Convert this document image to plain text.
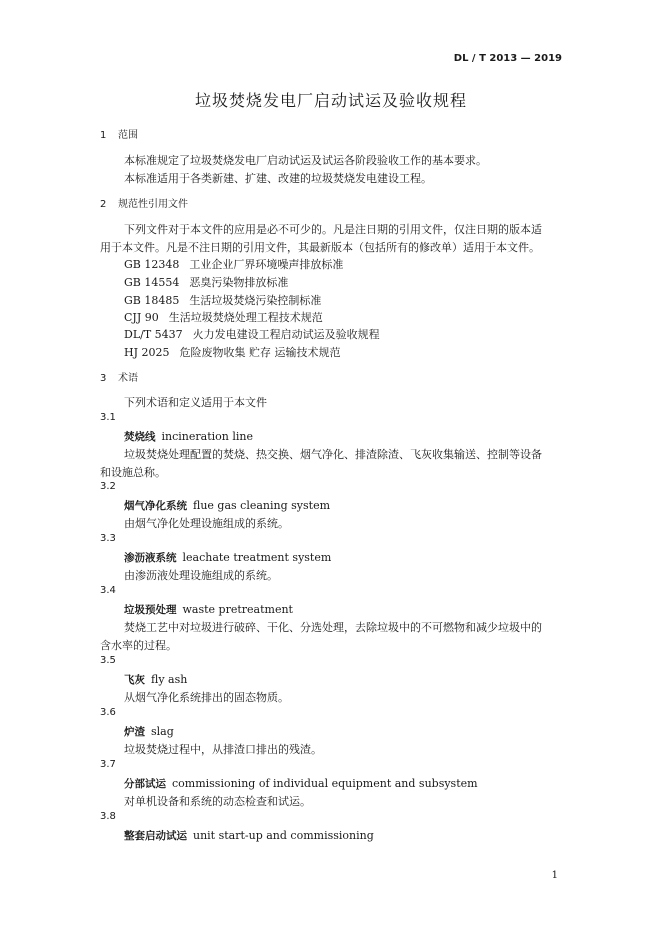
DL / T 2013 — 2019
垃圾焚烧发电厂启动试运及验收规程
1 范围
本标准规定了垃圾焚烧发电厂启动试运及试运各阶段验收工作的基本要求。
本标准适用于各类新建、扩建、改建的垃圾焚烧发电建设工程。
2 规范性引用文件
下列文件对于本文件的应用是必不可少的。凡是注日期的引用文件，仅注日期的版本适
用于本文件。凡是不注日期的引用文件，其最新版本（包括所有的修改单）适用于本文件。
GB 12348 工业企业厂界环境噪声排放标准
GB 14554 恶臭污染物排放标准
GB 18485 生活垃圾焚烧污染控制标准
CJJ 90 生活垃圾焚烧处理工程技术规范
DL/T 5437 火力发电建设工程启动试运及验收规程
HJ 2025 危险废物收集 贮存 运输技术规范
3 术语
下列术语和定义适用于本文件
3.1
焚烧线 incineration line
垃圾焚烧处理配置的焚烧、热交换、烟气净化、排渣除渣、飞灰收集输送、控制等设备
和设施总称。
3.2
烟气净化系统 flue gas cleaning system
由烟气净化处理设施组成的系统。
3.3
渗沥液系统 leachate treatment system
由渗沥液处理设施组成的系统。
3.4
垃圾预处理 waste pretreatment
焚烧工艺中对垃圾进行破碎、干化、分选处理，去除垃圾中的不可燃物和减少垃圾中的
含水率的过程。
3.5
飞灰 fly ash
从烟气净化系统排出的固态物质。
3.6
炉渣 slag
垃圾焚烧过程中，从排渣口排出的残渣。
3.7
分部试运 commissioning of individual equipment and subsystem
对单机设备和系统的动态检查和试运。
3.8
整套启动试运 unit start-up and commissioning
1
